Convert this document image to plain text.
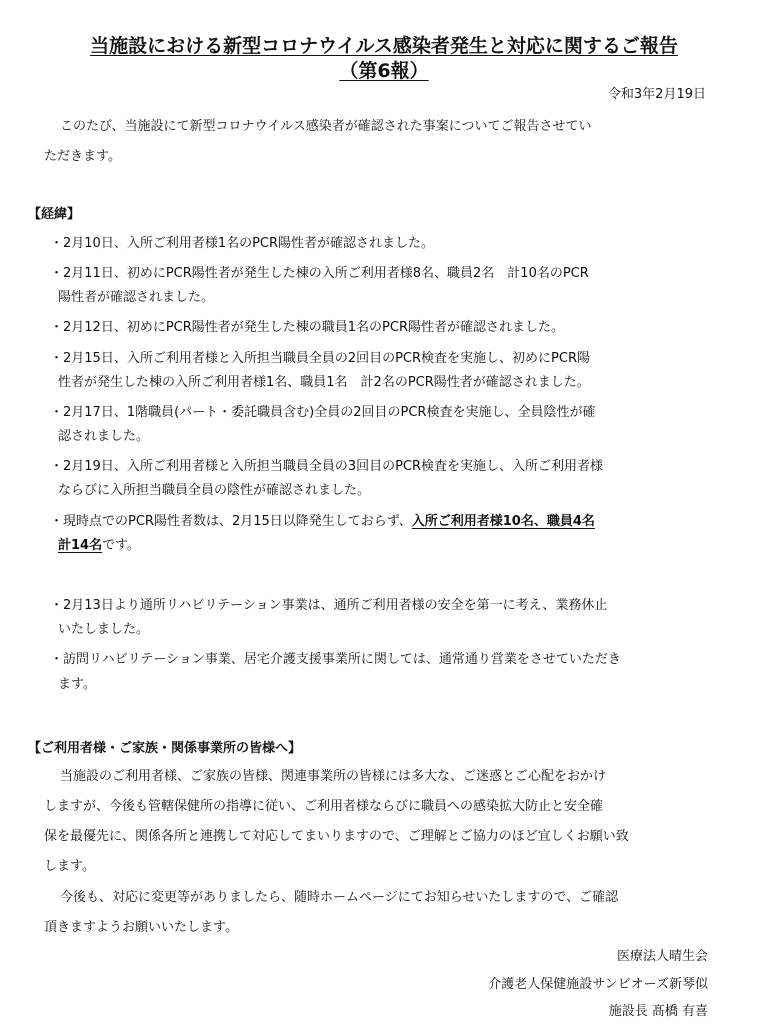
当施設における新型コロナウイルス感染者発生と対応に関するご報告
（第6報）
令和3年2月19日
このたび、当施設にて新型コロナウイルス感染者が確認された事案についてご報告させてい
ただきます。
【経緯】
・2月10日、入所ご利用者様1名のPCR陽性者が確認されました。
・2月11日、初めにPCR陽性者が発生した棟の入所ご利用者様8名、職員2名　計10名のPCR
陽性者が確認されました。
・2月12日、初めにPCR陽性者が発生した棟の職員1名のPCR陽性者が確認されました。
・2月15日、入所ご利用者様と入所担当職員全員の2回目のPCR検査を実施し、初めにPCR陽
性者が発生した棟の入所ご利用者様1名、職員1名　計2名のPCR陽性者が確認されました。
・2月17日、1階職員(パート・委託職員含む)全員の2回目のPCR検査を実施し、全員陰性が確
認されました。
・2月19日、入所ご利用者様と入所担当職員全員の3回目のPCR検査を実施し、入所ご利用者様
ならびに入所担当職員全員の陰性が確認されました。
・現時点でのPCR陽性者数は、2月15日以降発生しておらず、入所ご利用者様10名、職員4名
計14名です。
・2月13日より通所リハビリテーション事業は、通所ご利用者様の安全を第一に考え、業務休止
いたしました。
・訪問リハビリテーション事業、居宅介護支援事業所に関しては、通常通り営業をさせていただき
ます。
【ご利用者様・ご家族・関係事業所の皆様へ】
当施設のご利用者様、ご家族の皆様、関連事業所の皆様には多大な、ご迷惑とご心配をおかけ
しますが、今後も管轄保健所の指導に従い、ご利用者様ならびに職員への感染拡大防止と安全確
保を最優先に、関係各所と連携して対応してまいりますので、ご理解とご協力のほど宜しくお願い致
します。
今後も、対応に変更等がありましたら、随時ホームページにてお知らせいたしますので、ご確認
頂きますようお願いいたします。
医療法人晴生会
介護老人保健施設サンビオーズ新琴似
施設長 髙橋 有喜
